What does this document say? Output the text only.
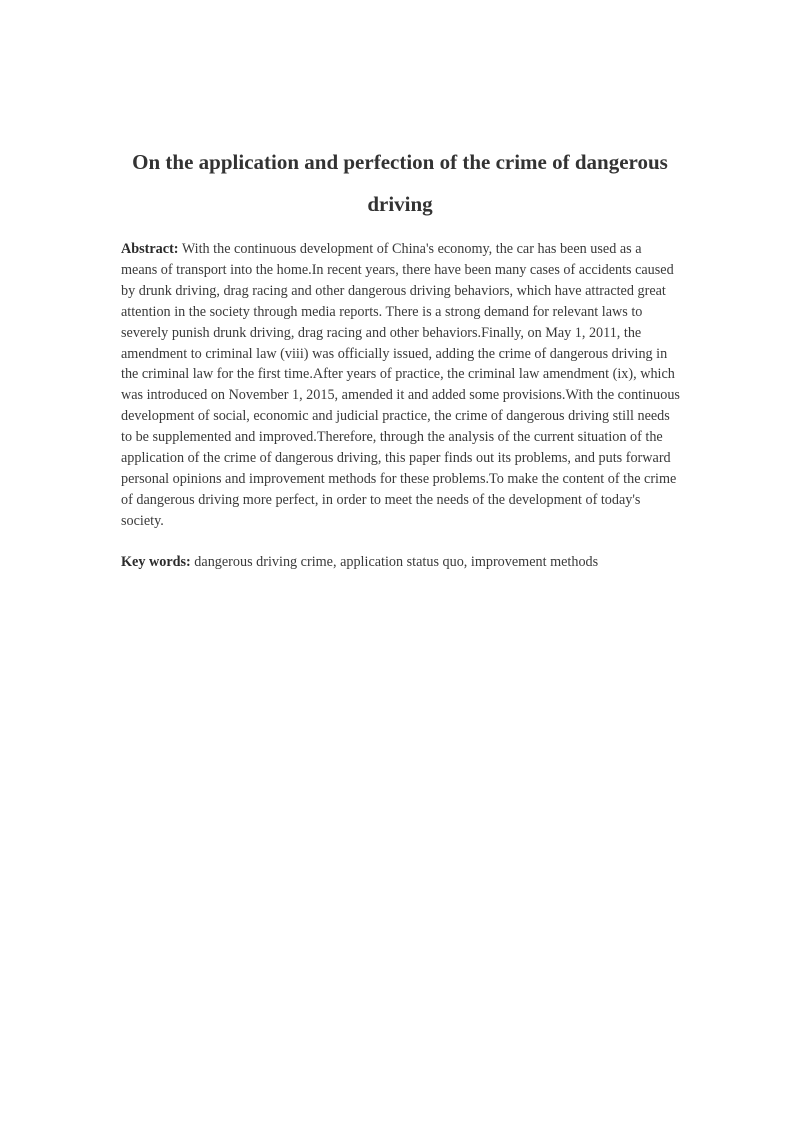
On the application and perfection of the crime of dangerous driving

Abstract: With the continuous development of China's economy, the car has been used as a means of transport into the home.In recent years, there have been many cases of accidents caused by drunk driving, drag racing and other dangerous driving behaviors, which have attracted great attention in the society through media reports. There is a strong demand for relevant laws to severely punish drunk driving, drag racing and other behaviors.Finally, on May 1, 2011, the amendment to criminal law (viii) was officially issued, adding the crime of dangerous driving in the criminal law for the first time.After years of practice, the criminal law amendment (ix), which was introduced on November 1, 2015, amended it and added some provisions.With the continuous development of social, economic and judicial practice, the crime of dangerous driving still needs to be supplemented and improved.Therefore, through the analysis of the current situation of the application of the crime of dangerous driving, this paper finds out its problems, and puts forward personal opinions and improvement methods for these problems.To make the content of the crime of dangerous driving more perfect, in order to meet the needs of the development of today's society.

Key words: dangerous driving crime, application status quo, improvement methods
